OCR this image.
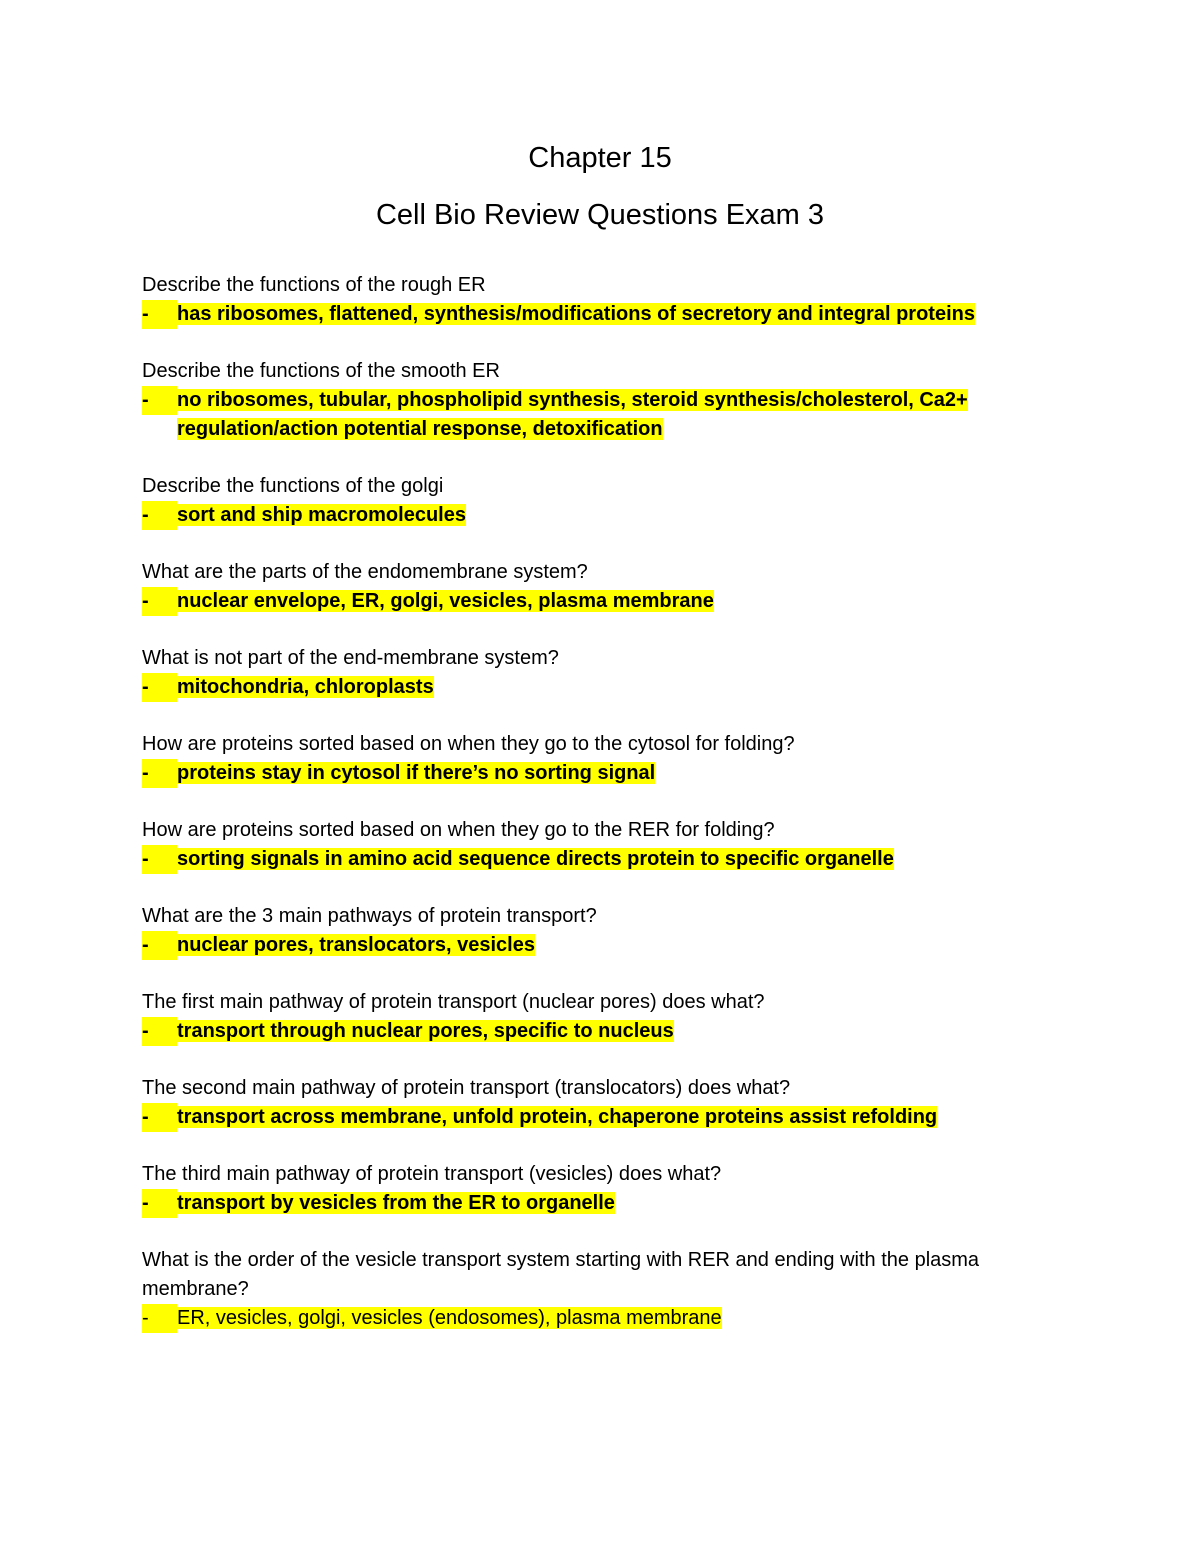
Chapter 15
Cell Bio Review Questions Exam 3

Describe the functions of the rough ER

-	has ribosomes, flattened, synthesis/modifications of secretory and integral proteins

Describe the functions of the smooth ER

-	no ribosomes, tubular, phospholipid synthesis, steroid synthesis/cholesterol, Ca2+ regulation/action potential response, detoxification

Describe the functions of the golgi

-	sort and ship macromolecules

What are the parts of the endomembrane system?

-	nuclear envelope, ER, golgi, vesicles, plasma membrane

What is not part of the end-membrane system?

-	mitochondria, chloroplasts

How are proteins sorted based on when they go to the cytosol for folding?

-	proteins stay in cytosol if there’s no sorting signal

How are proteins sorted based on when they go to the RER for folding?

-	sorting signals in amino acid sequence directs protein to specific organelle

What are the 3 main pathways of protein transport?

-	nuclear pores, translocators, vesicles

The first main pathway of protein transport (nuclear pores) does what?

-	transport through nuclear pores, specific to nucleus

The second main pathway of protein transport (translocators) does what?

-	transport across membrane, unfold protein, chaperone proteins assist refolding

The third main pathway of protein transport (vesicles) does what?

-	transport by vesicles from the ER to organelle

What is the order of the vesicle transport system starting with RER and ending with the plasma membrane?

-	ER, vesicles, golgi, vesicles (endosomes), plasma membrane
